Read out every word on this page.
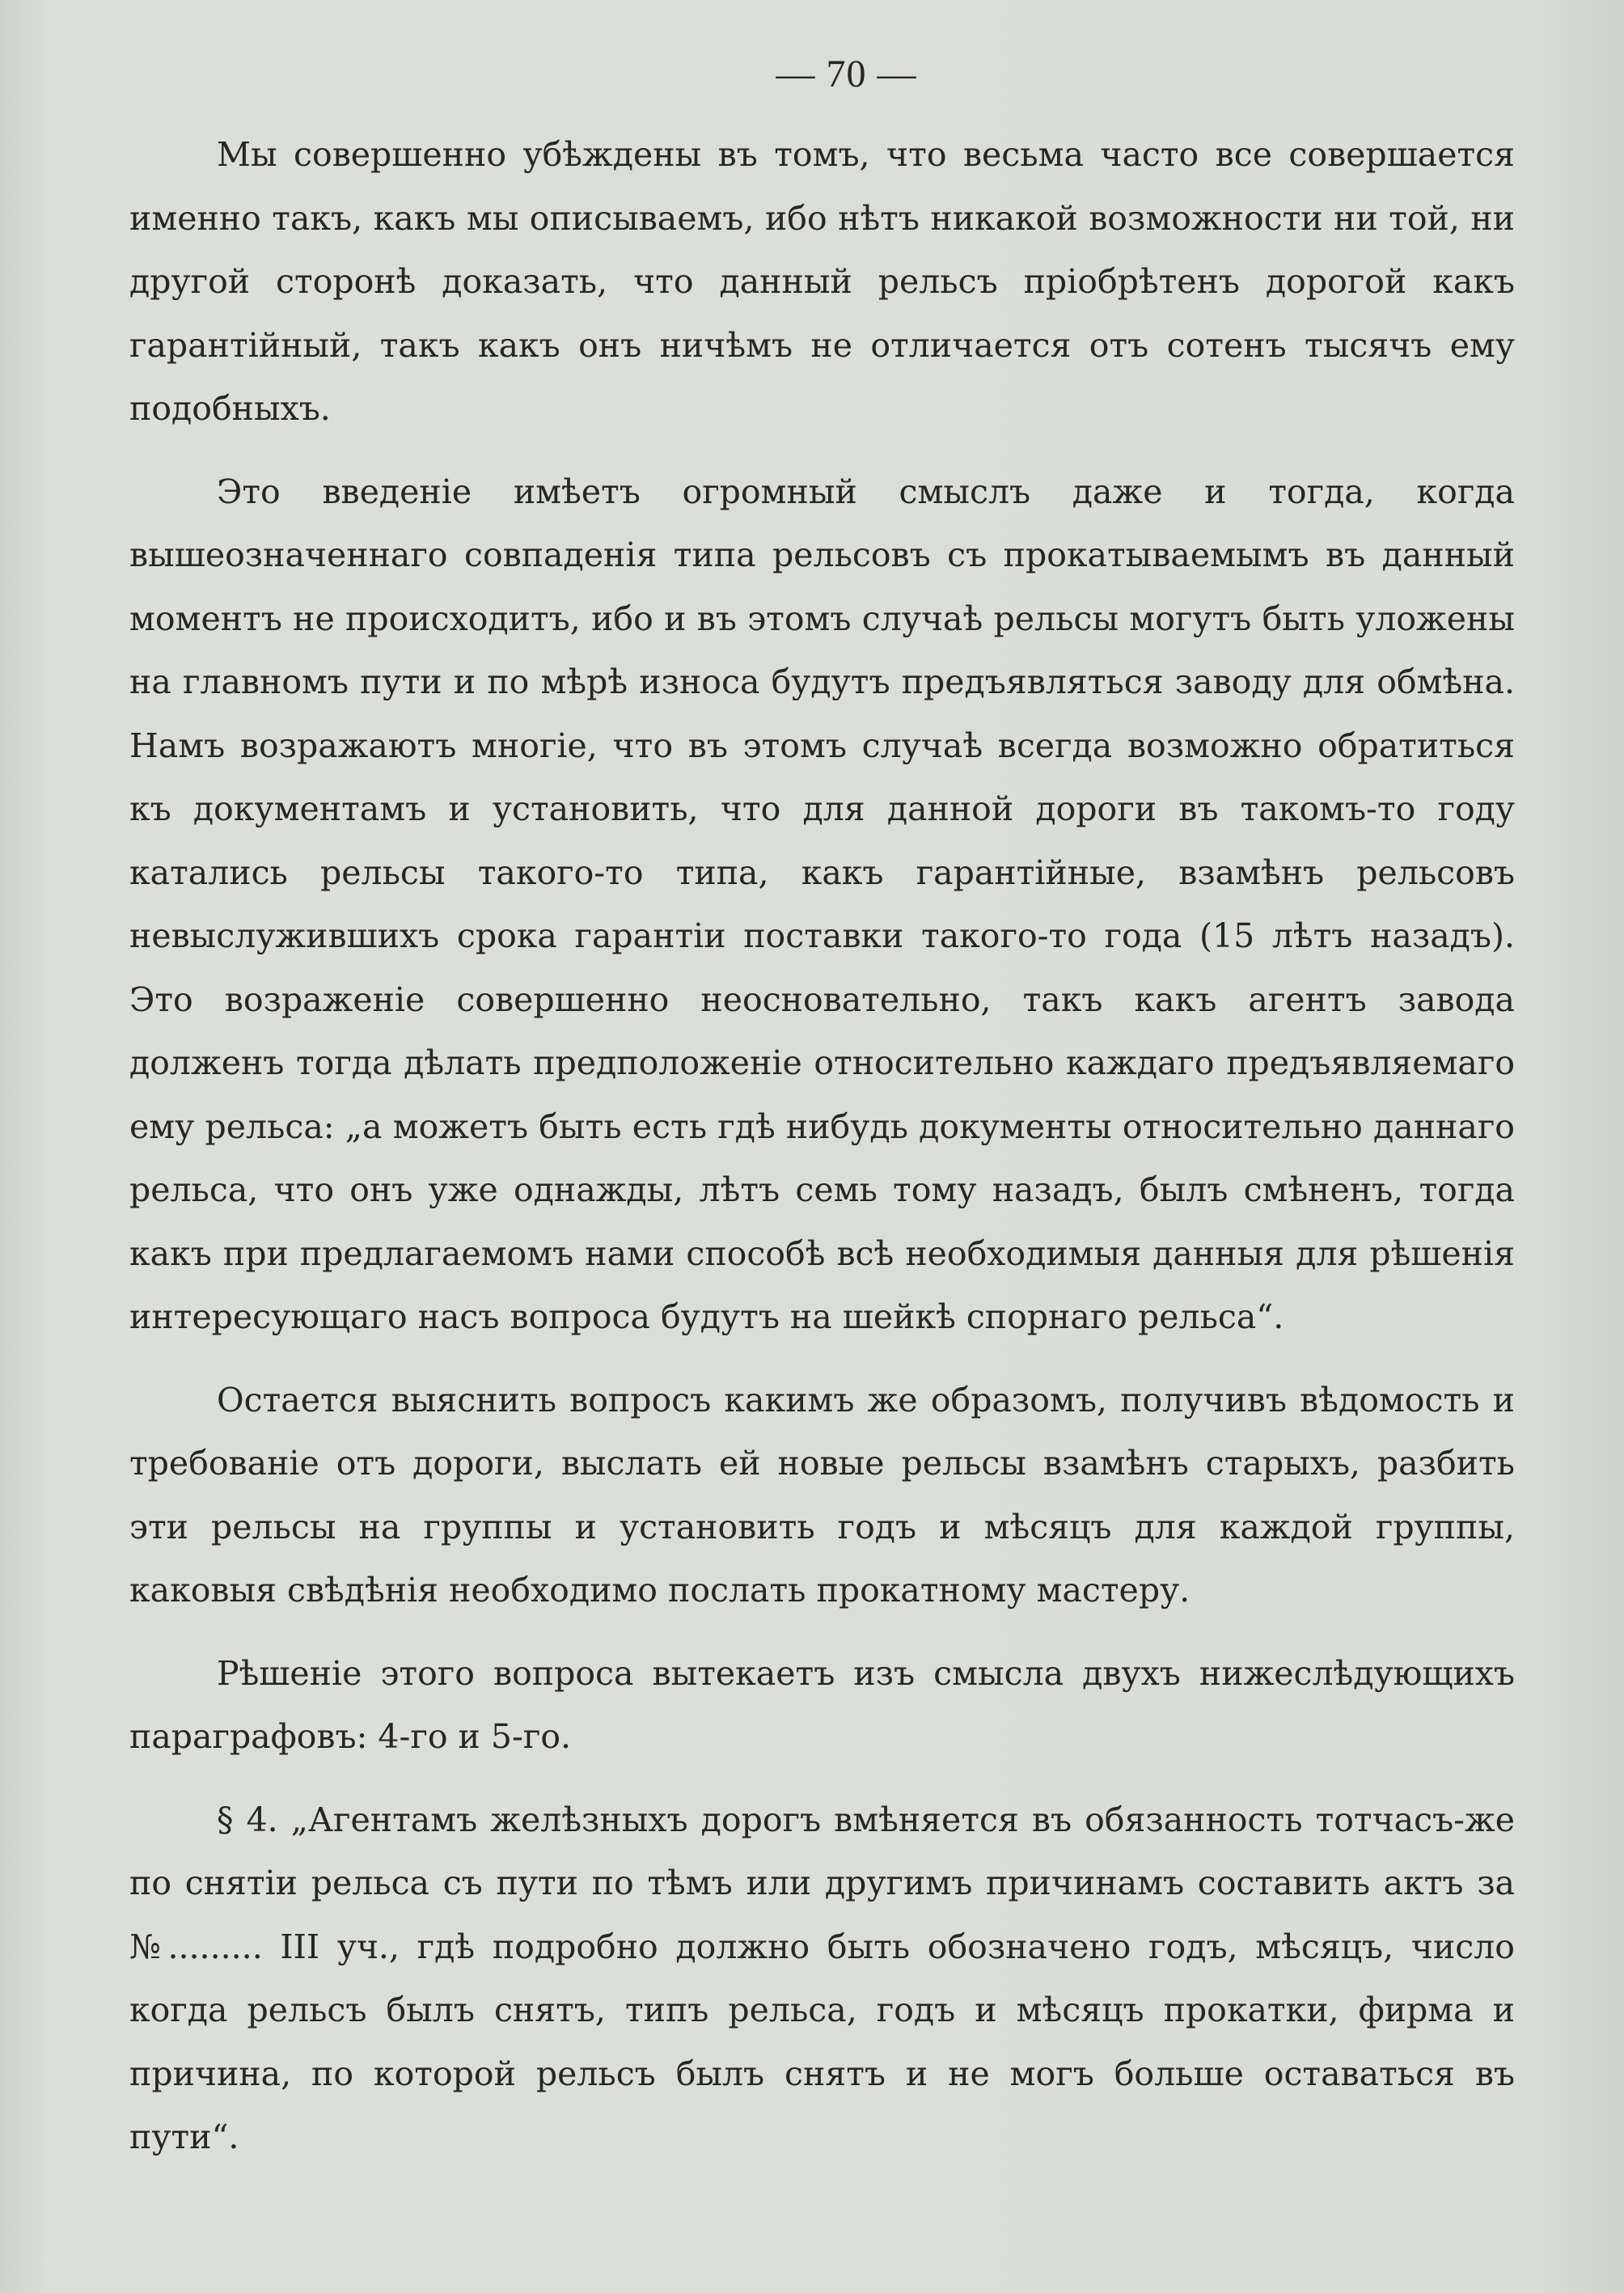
— 70 —

Мы совершенно убѣждены въ томъ, что весьма часто все совершается именно такъ, какъ мы описываемъ, ибо нѣтъ никакой возможности ни той, ни другой сторонѣ доказать, что данный рельсъ пріобрѣтенъ дорогой какъ гарантійный, такъ какъ онъ ничѣмъ не отличается отъ сотенъ тысячъ ему подобныхъ.

Это введеніе имѣетъ огромный смыслъ даже и тогда, когда вышеозначеннаго совпаденія типа рельсовъ съ прокатываемымъ въ данный моментъ не происходитъ, ибо и въ этомъ случаѣ рельсы могутъ быть уложены на главномъ пути и по мѣрѣ износа будутъ предъявляться заводу для обмѣна. Намъ возражаютъ многіе, что въ этомъ случаѣ всегда возможно обратиться къ документамъ и установить, что для данной дороги въ такомъ-то году катались рельсы такого-то типа, какъ гарантійные, взамѣнъ рельсовъ невыслужившихъ срока гарантіи поставки такого-то года (15 лѣтъ назадъ). Это возраженіе совершенно неосновательно, такъ какъ агентъ завода долженъ тогда дѣлать предположеніе относительно каждаго предъявляемаго ему рельса: „а можетъ быть есть гдѣ нибудь документы относительно даннаго рельса, что онъ уже однажды, лѣтъ семь тому назадъ, былъ смѣненъ, тогда какъ при предлагаемомъ нами способѣ всѣ необходимыя данныя для рѣшенія интересующаго насъ вопроса будутъ на шейкѣ спорнаго рельса“.

Остается выяснить вопросъ какимъ же образомъ, получивъ вѣдомость и требованіе отъ дороги, выслать ей новые рельсы взамѣнъ старыхъ, разбить эти рельсы на группы и установить годъ и мѣсяцъ для каждой группы, каковыя свѣдѣнія необходимо послать прокатному мастеру.

Рѣшеніе этого вопроса вытекаетъ изъ смысла двухъ нижеслѣдующихъ параграфовъ: 4-го и 5-го.

§ 4. „Агентамъ желѣзныхъ дорогъ вмѣняется въ обязанность тотчасъ-же по снятіи рельса съ пути по тѣмъ или другимъ причинамъ составить актъ за №......... III уч., гдѣ подробно должно быть обозначено годъ, мѣсяцъ, число когда рельсъ былъ снятъ, типъ рельса, годъ и мѣсяцъ прокатки, фирма и причина, по которой рельсъ былъ снятъ и не могъ больше оставаться въ пути“.
